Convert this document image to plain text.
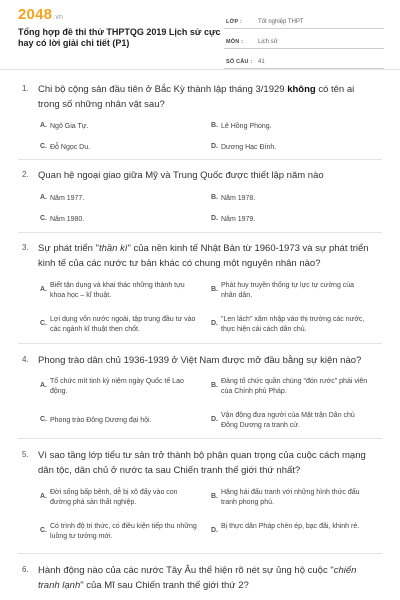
2048.vn
Tổng hợp đề thi thử THPTQG 2019 Lịch sử cực hay có lời giải chi tiết (P1)
LỚP :	Tốt nghiệp THPT
MÔN : Lịch sử
SỐ CÂU : 41
1. Chi bộ cộng sản đầu tiên ở Bắc Kỳ thành lập tháng 3/1929 không có tên ai trong số những nhân vật sau?
A. Ngô Gia Tự.	B. Lê Hồng Phong.
C. Đỗ Ngọc Du.	D. Dương Hạc Đính.
2. Quan hệ ngoại giao giữa Mỹ và Trung Quốc được thiết lập năm nào
A. Năm 1977.	B. Năm 1978.
C. Năm 1980.	D. Năm 1979.
3. Sự phát triển "thần kì" của nền kinh tế Nhật Bản từ 1960-1973 và sự phát triển kinh tế của các nước tư bản khác có chung một nguyên nhân nào?
A.
Biết tận dụng và khai thác những thành tựu khoa học – kĩ thuật.
B.
Phát huy truyền thống tự lực tự cường của nhân dân.
C.
Lợi dụng vốn nước ngoài, tập trung đầu tư vào các ngành kĩ thuật then chốt.
D.
"Len lách" xâm nhập vào thị trường các nước, thực hiện cải cách dân chủ.
4. Phong trào dân chủ 1936-1939 ở Việt Nam được mở đầu bằng sự kiện nào?
A.
Tổ chức mít tinh kỷ niệm ngày Quốc tế Lao động.
B.
Đảng tổ chức quần chúng "đón rước" phái viên của Chính phủ Pháp.
C. Phong trào Đông Dương đại hội.	D.
Vận động đưa người của Mặt trận Dân chủ Đông Dương ra tranh cử.
5. Vì sao tầng lớp tiểu tư sản trở thành bộ phận quan trọng của cuộc cách mạng dân tộc, dân chủ ở nước ta sau Chiến tranh thế giới thứ nhất?
A.
Đời sống bấp bênh, dễ bị xô đẩy vào con đường phá sản thất nghiệp.
B.
Hăng hái đấu tranh với những hình thức đấu tranh phong phú.
C.
Có trình độ tri thức, có điều kiện tiếp thu những luồng tư tưởng mới.
D.
Bị thực dân Pháp chèn ép, bạc đãi, khinh rẻ.
6. Hành động nào của các nước Tây Âu thể hiện rõ nét sự ủng hộ cuộc "chiến tranh lạnh" của Mĩ sau Chiến tranh thế giới thứ 2?
